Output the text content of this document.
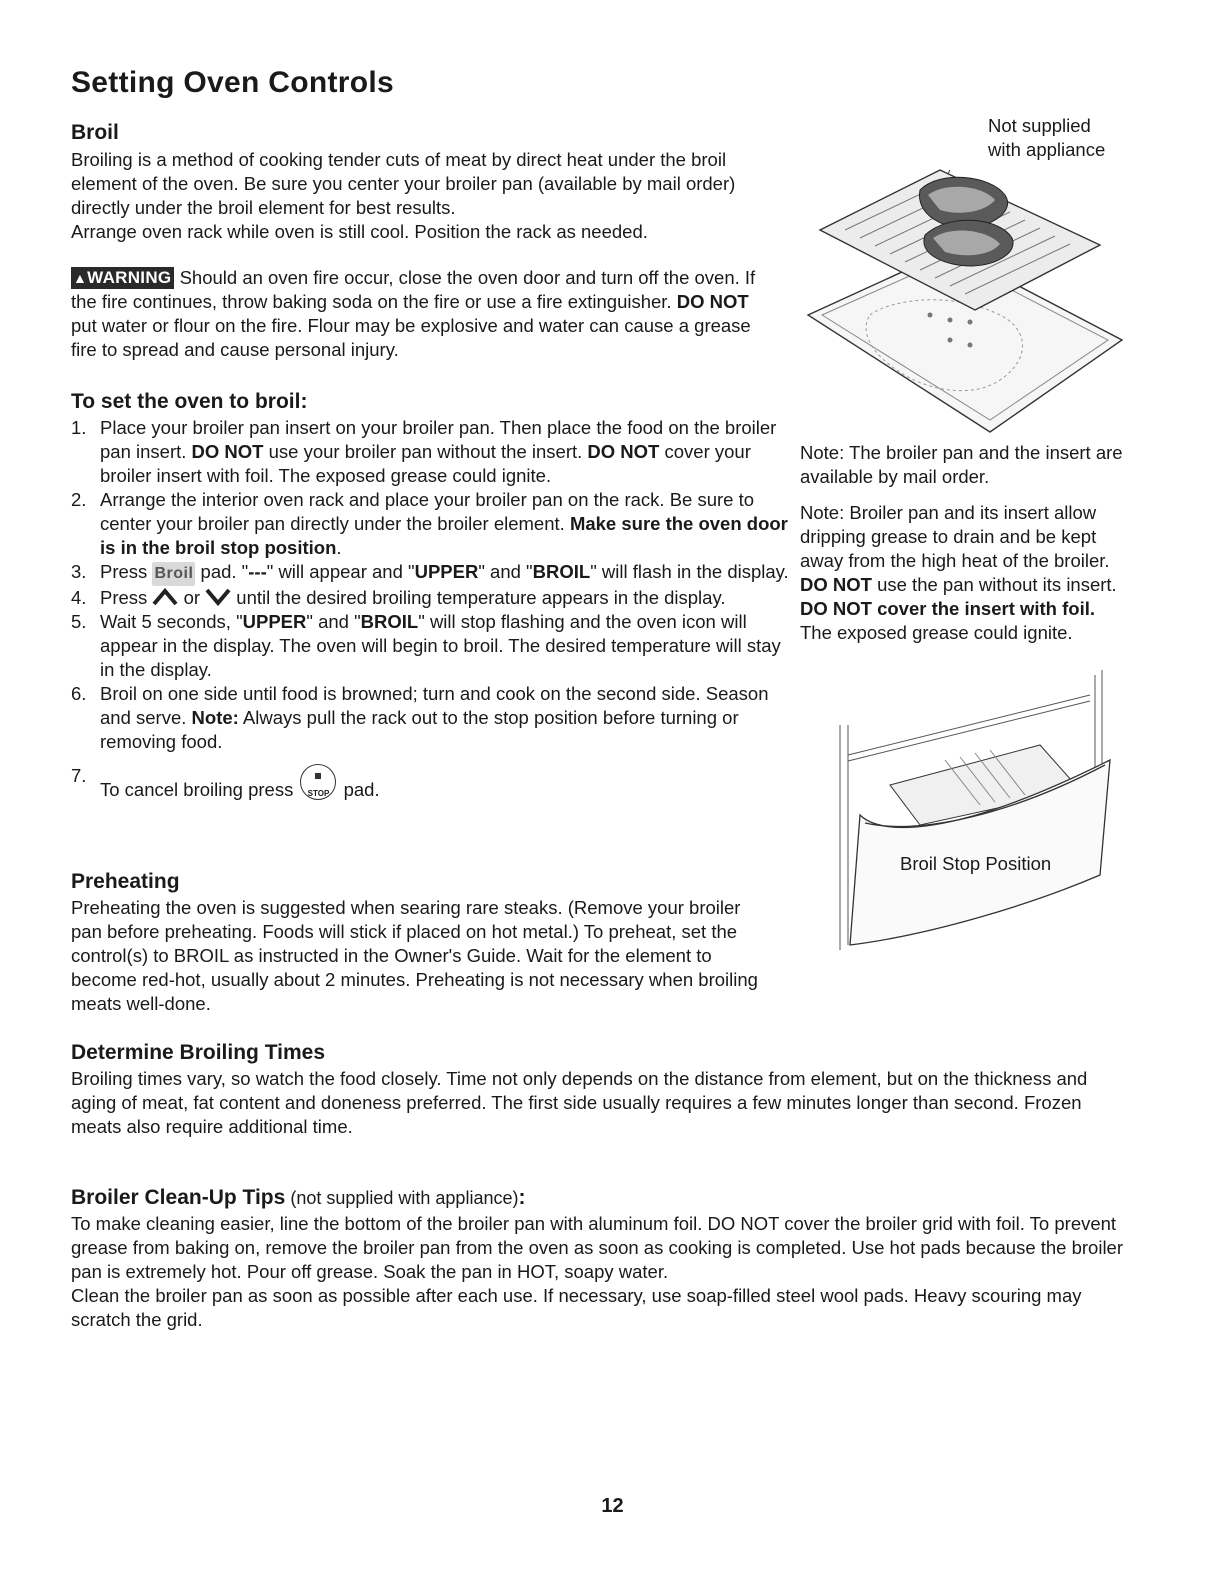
Setting Oven Controls
Broil
Broiling is a method of cooking tender cuts of meat by direct heat under the broil element of the oven. Be sure you center your broiler pan (available by mail order) directly under the broil element for best results.
Arrange oven rack while oven is still cool. Position the rack as needed.
▲WARNING Should an oven fire occur, close the oven door and turn off the oven. If the fire continues, throw baking soda on the fire or use a fire extinguisher. DO NOT put water or flour on the fire. Flour may be explosive and water can cause a grease fire to spread and cause personal injury.
To set the oven to broil:
1. Place your broiler pan insert on your broiler pan. Then place the food on the broiler pan insert. DO NOT use your broiler pan without the insert. DO NOT cover your broiler insert with foil. The exposed grease could ignite.
2. Arrange the interior oven rack and place your broiler pan on the rack. Be sure to center your broiler pan directly under the broiler element. Make sure the oven door is in the broil stop position.
3. Press Broil pad. "---" will appear and "UPPER" and "BROIL" will flash in the display.
4. Press  or  until the desired broiling temperature appears in the display.
5. Wait 5 seconds, "UPPER" and "BROIL" will stop flashing and the oven icon will appear in the display. The oven will begin to broil. The desired temperature will stay in the display.
6. Broil on one side until food is browned; turn and cook on the second side. Season and serve. Note: Always pull the rack out to the stop position before turning or removing food.
7.
To cancel broiling press	STOP pad.
Preheating
Preheating the oven is suggested when searing rare steaks. (Remove your broiler pan before preheating. Foods will stick if placed on hot metal.) To preheat, set the control(s) to BROIL as instructed in the Owner's Guide. Wait for the element to become red-hot, usually about 2 minutes. Preheating is not necessary when broiling meats well-done.
Determine Broiling Times
Broiling times vary, so watch the food closely. Time not only depends on the distance from element, but on the thickness and aging of meat, fat content and doneness preferred. The first side usually requires a few minutes longer than second. Frozen meats also require additional time.
Broiler Clean-Up Tips (not supplied with appliance):
To make cleaning easier, line the bottom of the broiler pan with aluminum foil. DO NOT cover the broiler grid with foil. To prevent grease from baking on, remove the broiler pan from the oven as soon as cooking is completed. Use hot pads because the broiler pan is extremely hot. Pour off grease. Soak the pan in HOT, soapy water.
Clean the broiler pan as soon as possible after each use. If necessary, use soap-filled steel wool pads. Heavy scouring may scratch the grid.
Not supplied
with appliance
Note: The broiler pan and the insert are available by mail order.
Note: Broiler pan and its insert allow dripping grease to drain and be kept away from the high heat of the broiler. DO NOT use the pan without its insert. DO NOT cover the insert with foil. The exposed grease could ignite.
Broil Stop Position
12
